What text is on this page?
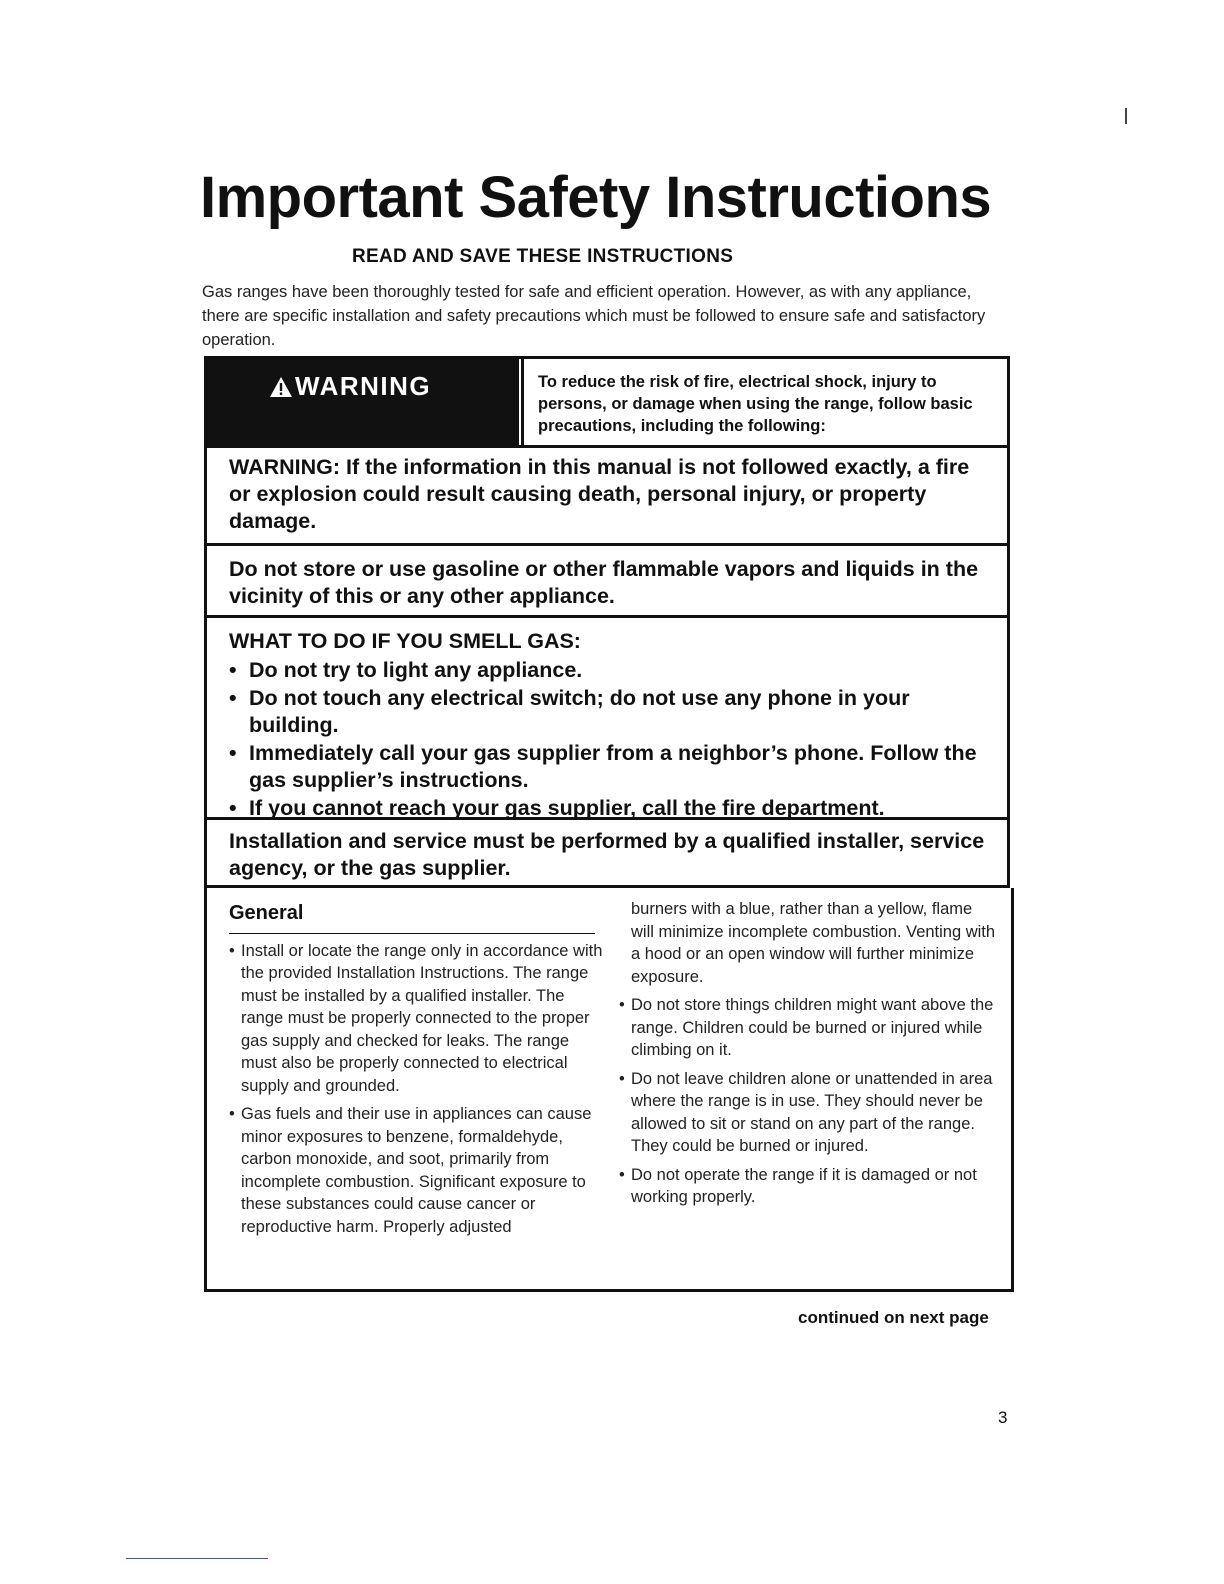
Important Safety Instructions
READ AND SAVE THESE INSTRUCTIONS

Gas ranges have been thoroughly tested for safe and efficient operation. However, as with any appliance, there are specific installation and safety precautions which must be followed to ensure safe and satisfactory operation.

WARNING	To reduce the risk of fire, electrical shock, injury to persons, or damage when using the range, follow basic precautions, including the following:
WARNING: If the information in this manual is not followed exactly, a fire or explosion could result causing death, personal injury, or property damage.
Do not store or use gasoline or other flammable vapors and liquids in the vicinity of this or any other appliance.
WHAT TO DO IF YOU SMELL GAS:
• Do not try to light any appliance.
• Do not touch any electrical switch; do not use any phone in your building.
• Immediately call your gas supplier from a neighbor’s phone. Follow the gas supplier’s instructions.
• If you cannot reach your gas supplier, call the fire department.
Installation and service must be performed by a qualified installer, service agency, or the gas supplier.
General
• Install or locate the range only in accordance with the provided Installation Instructions. The range must be installed by a qualified installer. The range must be properly connected to the proper gas supply and checked for leaks. The range must also be properly connected to electrical supply and grounded.
• Gas fuels and their use in appliances can cause minor exposures to benzene, formaldehyde, carbon monoxide, and soot, primarily from incomplete combustion. Significant exposure to these substances could cause cancer or reproductive harm. Properly adjusted

burners with a blue, rather than a yellow, flame will minimize incomplete combustion. Venting with a hood or an open window will further minimize exposure.

• Do not store things children might want above the range. Children could be burned or injured while climbing on it.
• Do not leave children alone or unattended in area where the range is in use. They should never be allowed to sit or stand on any part of the range. They could be burned or injured.
• Do not operate the range if it is damaged or not working properly.

continued on next page

3
